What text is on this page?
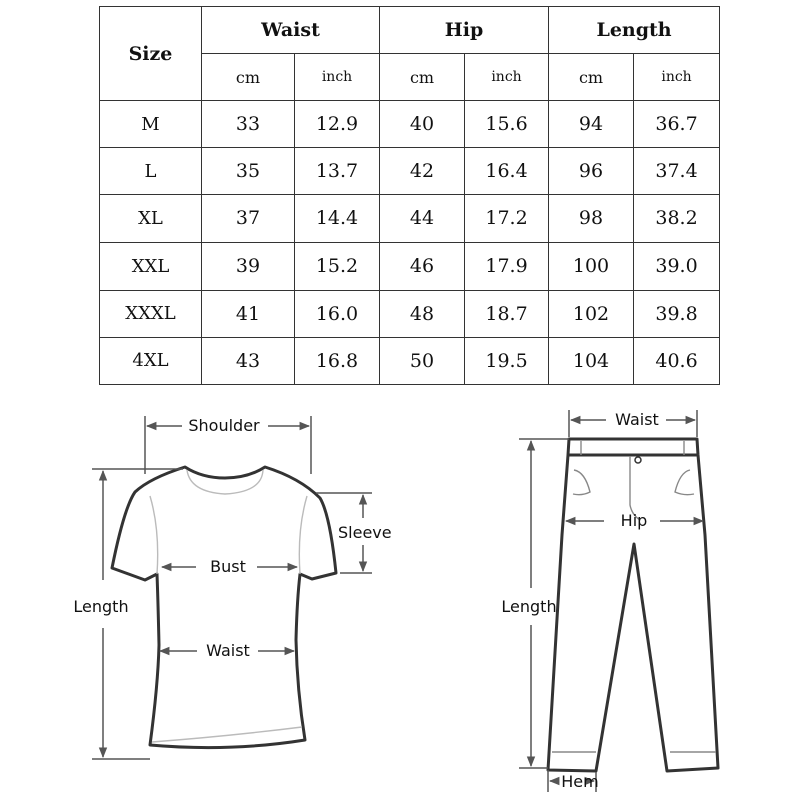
Size	Waist		Hip		Length	
	cm	inch	cm	inch	cm	inch
M	33	12.9	40	15.6	94	36.7
L	35	13.7	42	16.4	96	37.4
XL	37	14.4	44	17.2	98	38.2
XXL	39	15.2	46	17.9	100	39.0
XXXL	41	16.0	48	18.7	102	39.8
4XL	43	16.8	50	19.5	104	40.6
Shoulder
Sleeve
Bust
Length
Waist
Waist
Hip
Length
Hem
